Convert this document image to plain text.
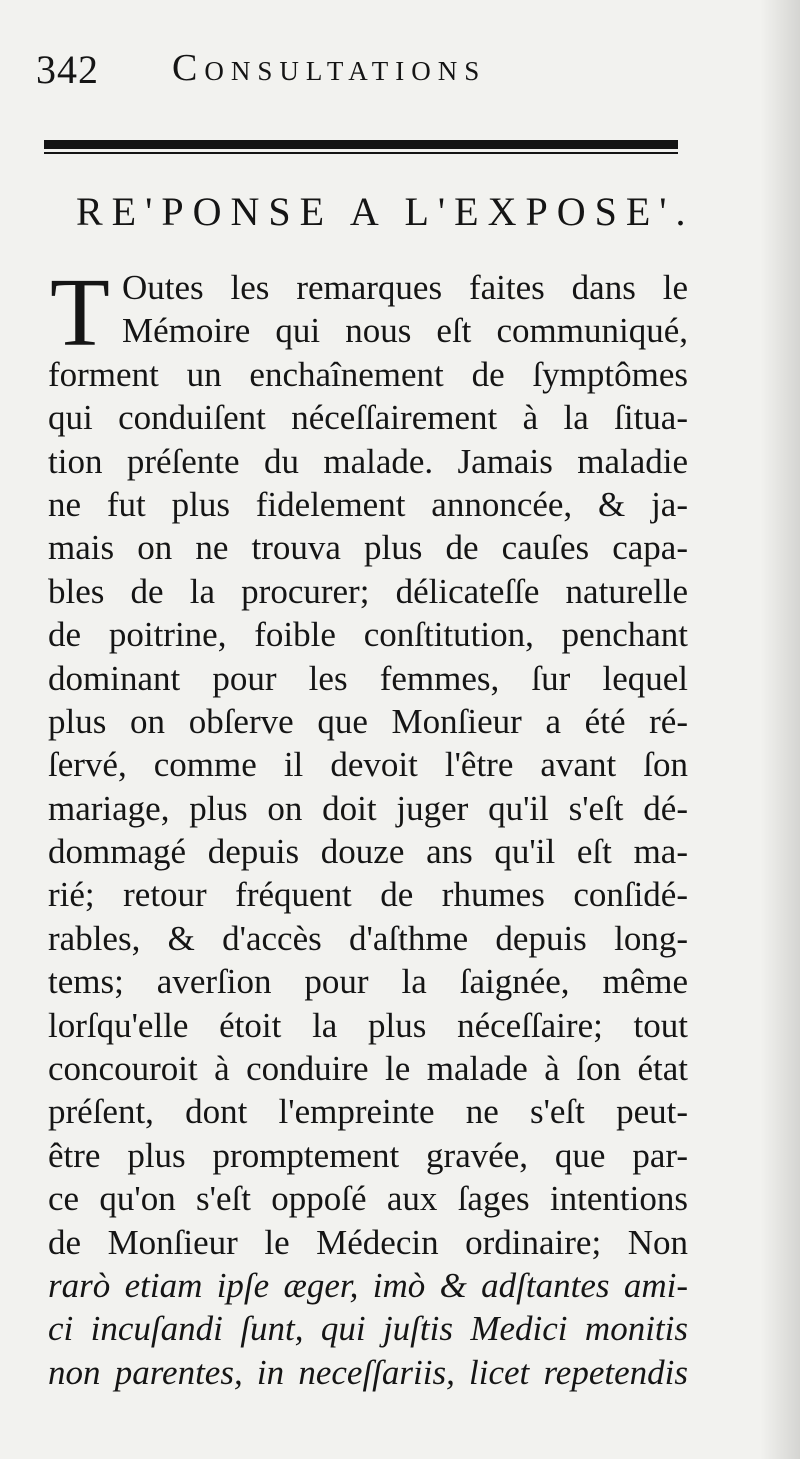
342 Consultations
RE'PONSE A L'EXPOSE'.
T Outes les remarques faites dans le
Mémoire qui nous eſt communiqué,
forment un enchaînement de ſymptômes
qui conduiſent néceſſairement à la ſitua-
tion préſente du malade. Jamais maladie
ne fut plus fidelement annoncée, & ja-
mais on ne trouva plus de cauſes capa-
bles de la procurer; délicateſſe naturelle
de poitrine, foible conſtitution, penchant
dominant pour les femmes, ſur lequel
plus on obſerve que Monſieur a été ré-
ſervé, comme il devoit l'être avant ſon
mariage, plus on doit juger qu'il s'eſt dé-
dommagé depuis douze ans qu'il eſt ma-
rié; retour fréquent de rhumes conſidé-
rables, & d'accès d'aſthme depuis long-
tems; averſion pour la ſaignée, même
lorſqu'elle étoit la plus néceſſaire; tout
concouroit à conduire le malade à ſon état
préſent, dont l'empreinte ne s'eſt peut-
être plus promptement gravée, que par-
ce qu'on s'eſt oppoſé aux ſages intentions
de Monſieur le Médecin ordinaire; Non
rarò etiam ipſe æger, imò & adſtantes ami-
ci incuſandi ſunt, qui juſtis Medici monitis
non parentes, in neceſſariis, licet repetendis
